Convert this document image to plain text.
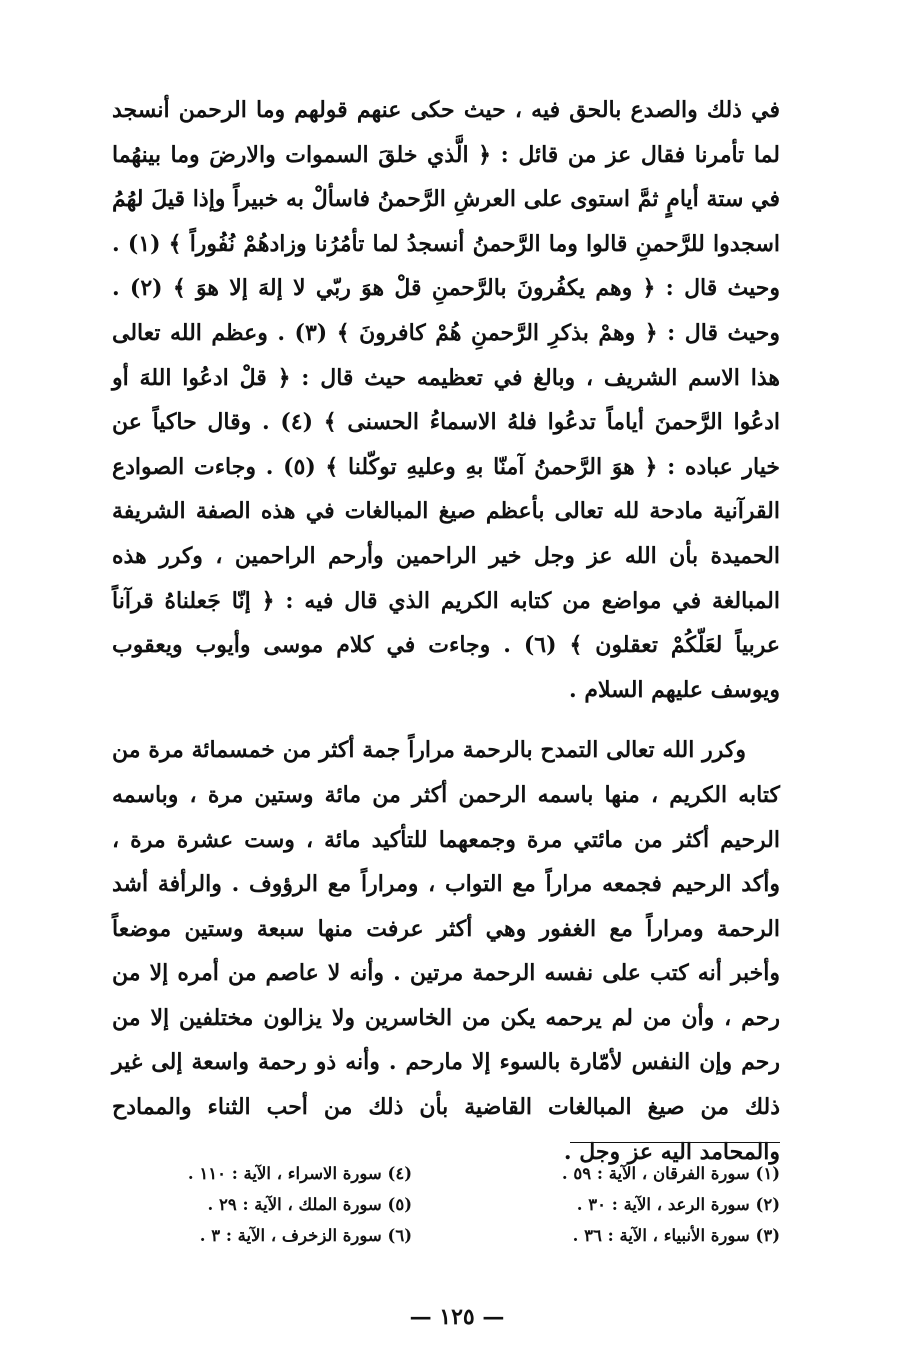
في ذلك والصدع بالحق فيه ، حيث حكى عنهم قولهم وما الرحمن أنسجد لما تأمرنا فقال عز من قائل : ﴿ الَّذي خلقَ السموات والارضَ وما بينهُما في ستة أيامٍ ثمَّ استوى على العرشِ الرَّحمنُ فاسألْ به خبيراً وإذا قيلَ لهُمُ اسجدوا للرَّحمنِ قالوا وما الرَّحمنُ أنسجدُ لما تأمُرُنا وزادهُمْ نُفُوراً ﴾ (١) . وحيث قال : ﴿ وهم يكفُرونَ بالرَّحمنِ قلْ هوَ ربّي لا إلهَ إلا هوَ ﴾ (٢) . وحيث قال : ﴿ وهمْ بذكرِ الرَّحمنِ هُمْ كافرونَ ﴾ (٣) . وعظم الله تعالى هذا الاسم الشريف ، وبالغ في تعظيمه حيث قال : ﴿ قلْ ادعُوا اللهَ أو ادعُوا الرَّحمنَ أياماً تدعُوا فلهُ الاسماءُ الحسنى ﴾ (٤) . وقال حاكياً عن خيار عباده : ﴿ هوَ الرَّحمنُ آمنّا بهِ وعليهِ توكّلنا ﴾ (٥) . وجاءت الصوادع القرآنية مادحة لله تعالى بأعظم صيغ المبالغات في هذه الصفة الشريفة الحميدة بأن الله عز وجل خير الراحمين وأرحم الراحمين ، وكرر هذه المبالغة في مواضع من كتابه الكريم الذي قال فيه : ﴿ إنّا جَعلناهُ قرآناً عربياً لعَلّكُمْ تعقلون ﴾ (٦) . وجاءت في كلام موسى وأيوب ويعقوب ويوسف عليهم السلام .

وكرر الله تعالى التمدح بالرحمة مراراً جمة أكثر من خمسمائة مرة من كتابه الكريم ، منها باسمه الرحمن أكثر من مائة وستين مرة ، وباسمه الرحيم أكثر من مائتي مرة وجمعهما للتأكيد مائة ، وست عشرة مرة ، وأكد الرحيم فجمعه مراراً مع التواب ، ومراراً مع الرؤوف . والرأفة أشد الرحمة ومراراً مع الغفور وهي أكثر عرفت منها سبعة وستين موضعاً وأخبر أنه كتب على نفسه الرحمة مرتين . وأنه لا عاصم من أمره إلا من رحم ، وأن من لم يرحمه يكن من الخاسرين ولا يزالون مختلفين إلا من رحم وإن النفس لأمّارة بالسوء إلا مارحم . وأنه ذو رحمة واسعة إلى غير ذلك من صيغ المبالغات القاضية بأن ذلك من أحب الثناء والممادح والمحامد اليه عز وجل .

(١) سورة الفرقان ، الآية : ٥٩ .
(٢) سورة الرعد ، الآية : ٣٠ .
(٣) سورة الأنبياء ، الآية : ٣٦ .
(٤) سورة الاسراء ، الآية : ١١٠ .
(٥) سورة الملك ، الآية : ٢٩ .
(٦) سورة الزخرف ، الآية : ٣ .
— ١٢٥ —
